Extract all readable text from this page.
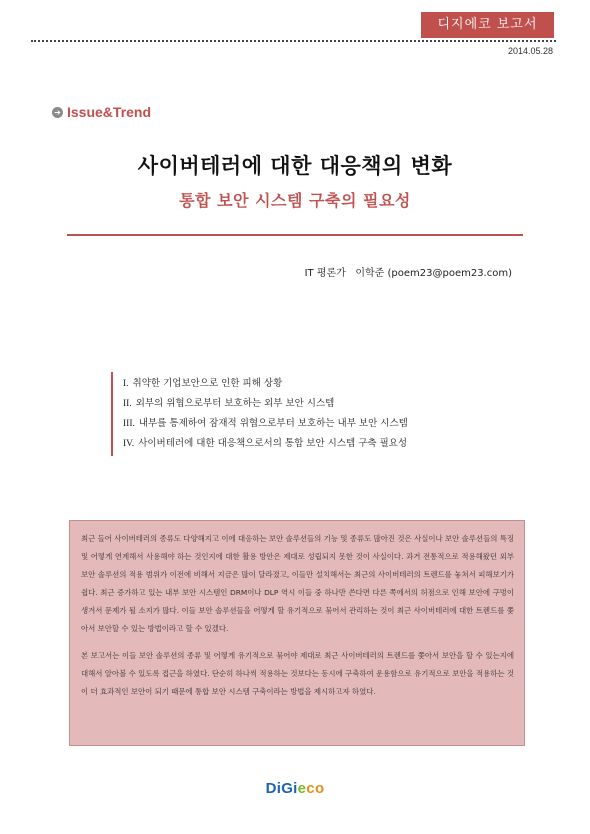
디지에코 보고서
2014.05.28
➔ Issue&Trend
사이버테러에 대한 대응책의 변화
통합 보안 시스템 구축의 필요성
IT 평론가   이학준 (poem23@poem23.com)
I. 취약한 기업보안으로 인한 피해 상황
II. 외부의 위협으로부터 보호하는 외부 보안 시스템
III. 내부를 통제하여 잠재적 위협으로부터 보호하는 내부 보안 시스템
IV. 사이버테러에 대한 대응책으로서의 통합 보안 시스템 구축 필요성

최근 들어 사이버테러의 종류도 다양해지고 이에 대응하는 보안 솔루션들의 기능 및 종류도 많아진 것은 사실이나 보안 솔루션들의 특징 및 어떻게 연계해서 사용해야 하는 것인지에 대한 활용 방안은 제대로 성립되지 못한 것이 사실이다. 과거 전통적으로 적용해왔던 외부 보안 솔루션의 적용 범위가 이전에 비해서 지금은 많이 달라졌고, 이들만 설치해서는 최근의 사이버테러의 트렌드를 놓쳐서 피해보기가 쉽다. 최근 증가하고 있는 내부 보안 시스템인 DRM이나 DLP 역시 이들 중 하나만 쓴다면 다른 쪽에서의 허점으로 인해 보안에 구멍이 생겨서 문제가 될 소지가 많다. 이들 보안 솔루션들을 어떻게 할 유기적으로 묶어서 관리하는 것이 최근 사이버테러에 대한 트렌드를 쫓아서 보안할 수 있는 방법이라고 할 수 있겠다.

본 보고서는 이들 보안 솔루션의 종류 및 어떻게 유기적으로 묶어야 제대로 최근 사이버테러의 트렌드를 쫓아서 보안을 할 수 있는지에 대해서 알아볼 수 있도록 접근을 하였다. 단순히 하나씩 적용하는 것보다는 동시에 구축하여 운용함으로 유기적으로 보안을 적용하는 것이 더 효과적인 보안이 되기 때문에 통합 보안 시스템 구축이라는 방법을 제시하고자 하였다.

DiGieco
